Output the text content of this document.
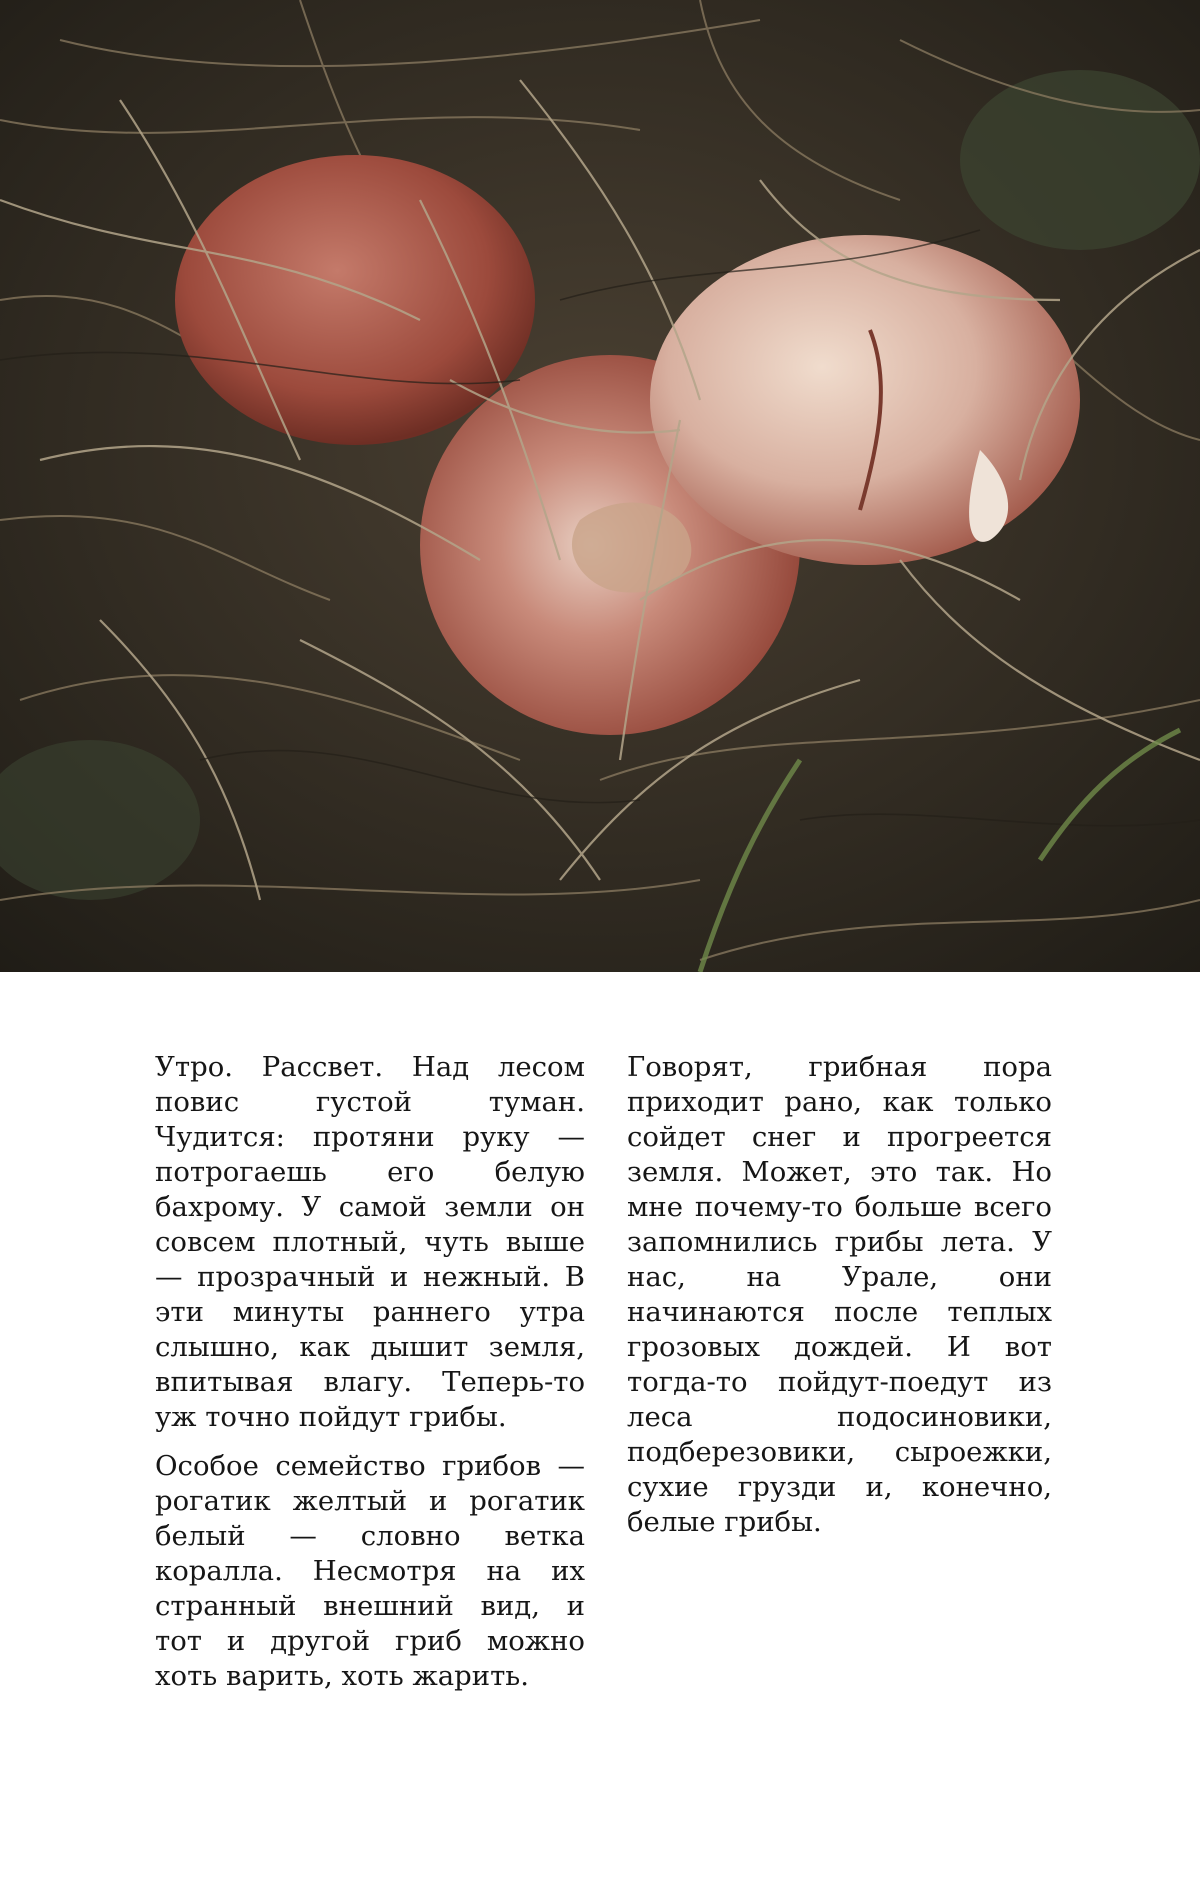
Утро. Рассвет. Над лесом повис густой туман. Чудится: протяни руку — потрогаешь его белую бахрому. У самой земли он совсем плотный, чуть выше — прозрачный и нежный. В эти минуты раннего утра слышно, как дышит земля, впитывая влагу. Теперь-то уж точно пойдут грибы.

Особое семейство грибов — рогатик желтый и рогатик белый — словно ветка коралла. Несмотря на их странный внешний вид, и тот и другой гриб можно хоть варить, хоть жарить.

Говорят, грибная пора приходит рано, как только сойдет снег и прогреется земля. Может, это так. Но мне почему-то больше всего запомнились грибы лета. У нас, на Урале, они начинаются после теплых грозовых дождей. И вот тогда-то пойдут-поедут из леса подосиновики, подберезовики, сыроежки, сухие грузди и, конечно, белые грибы.
